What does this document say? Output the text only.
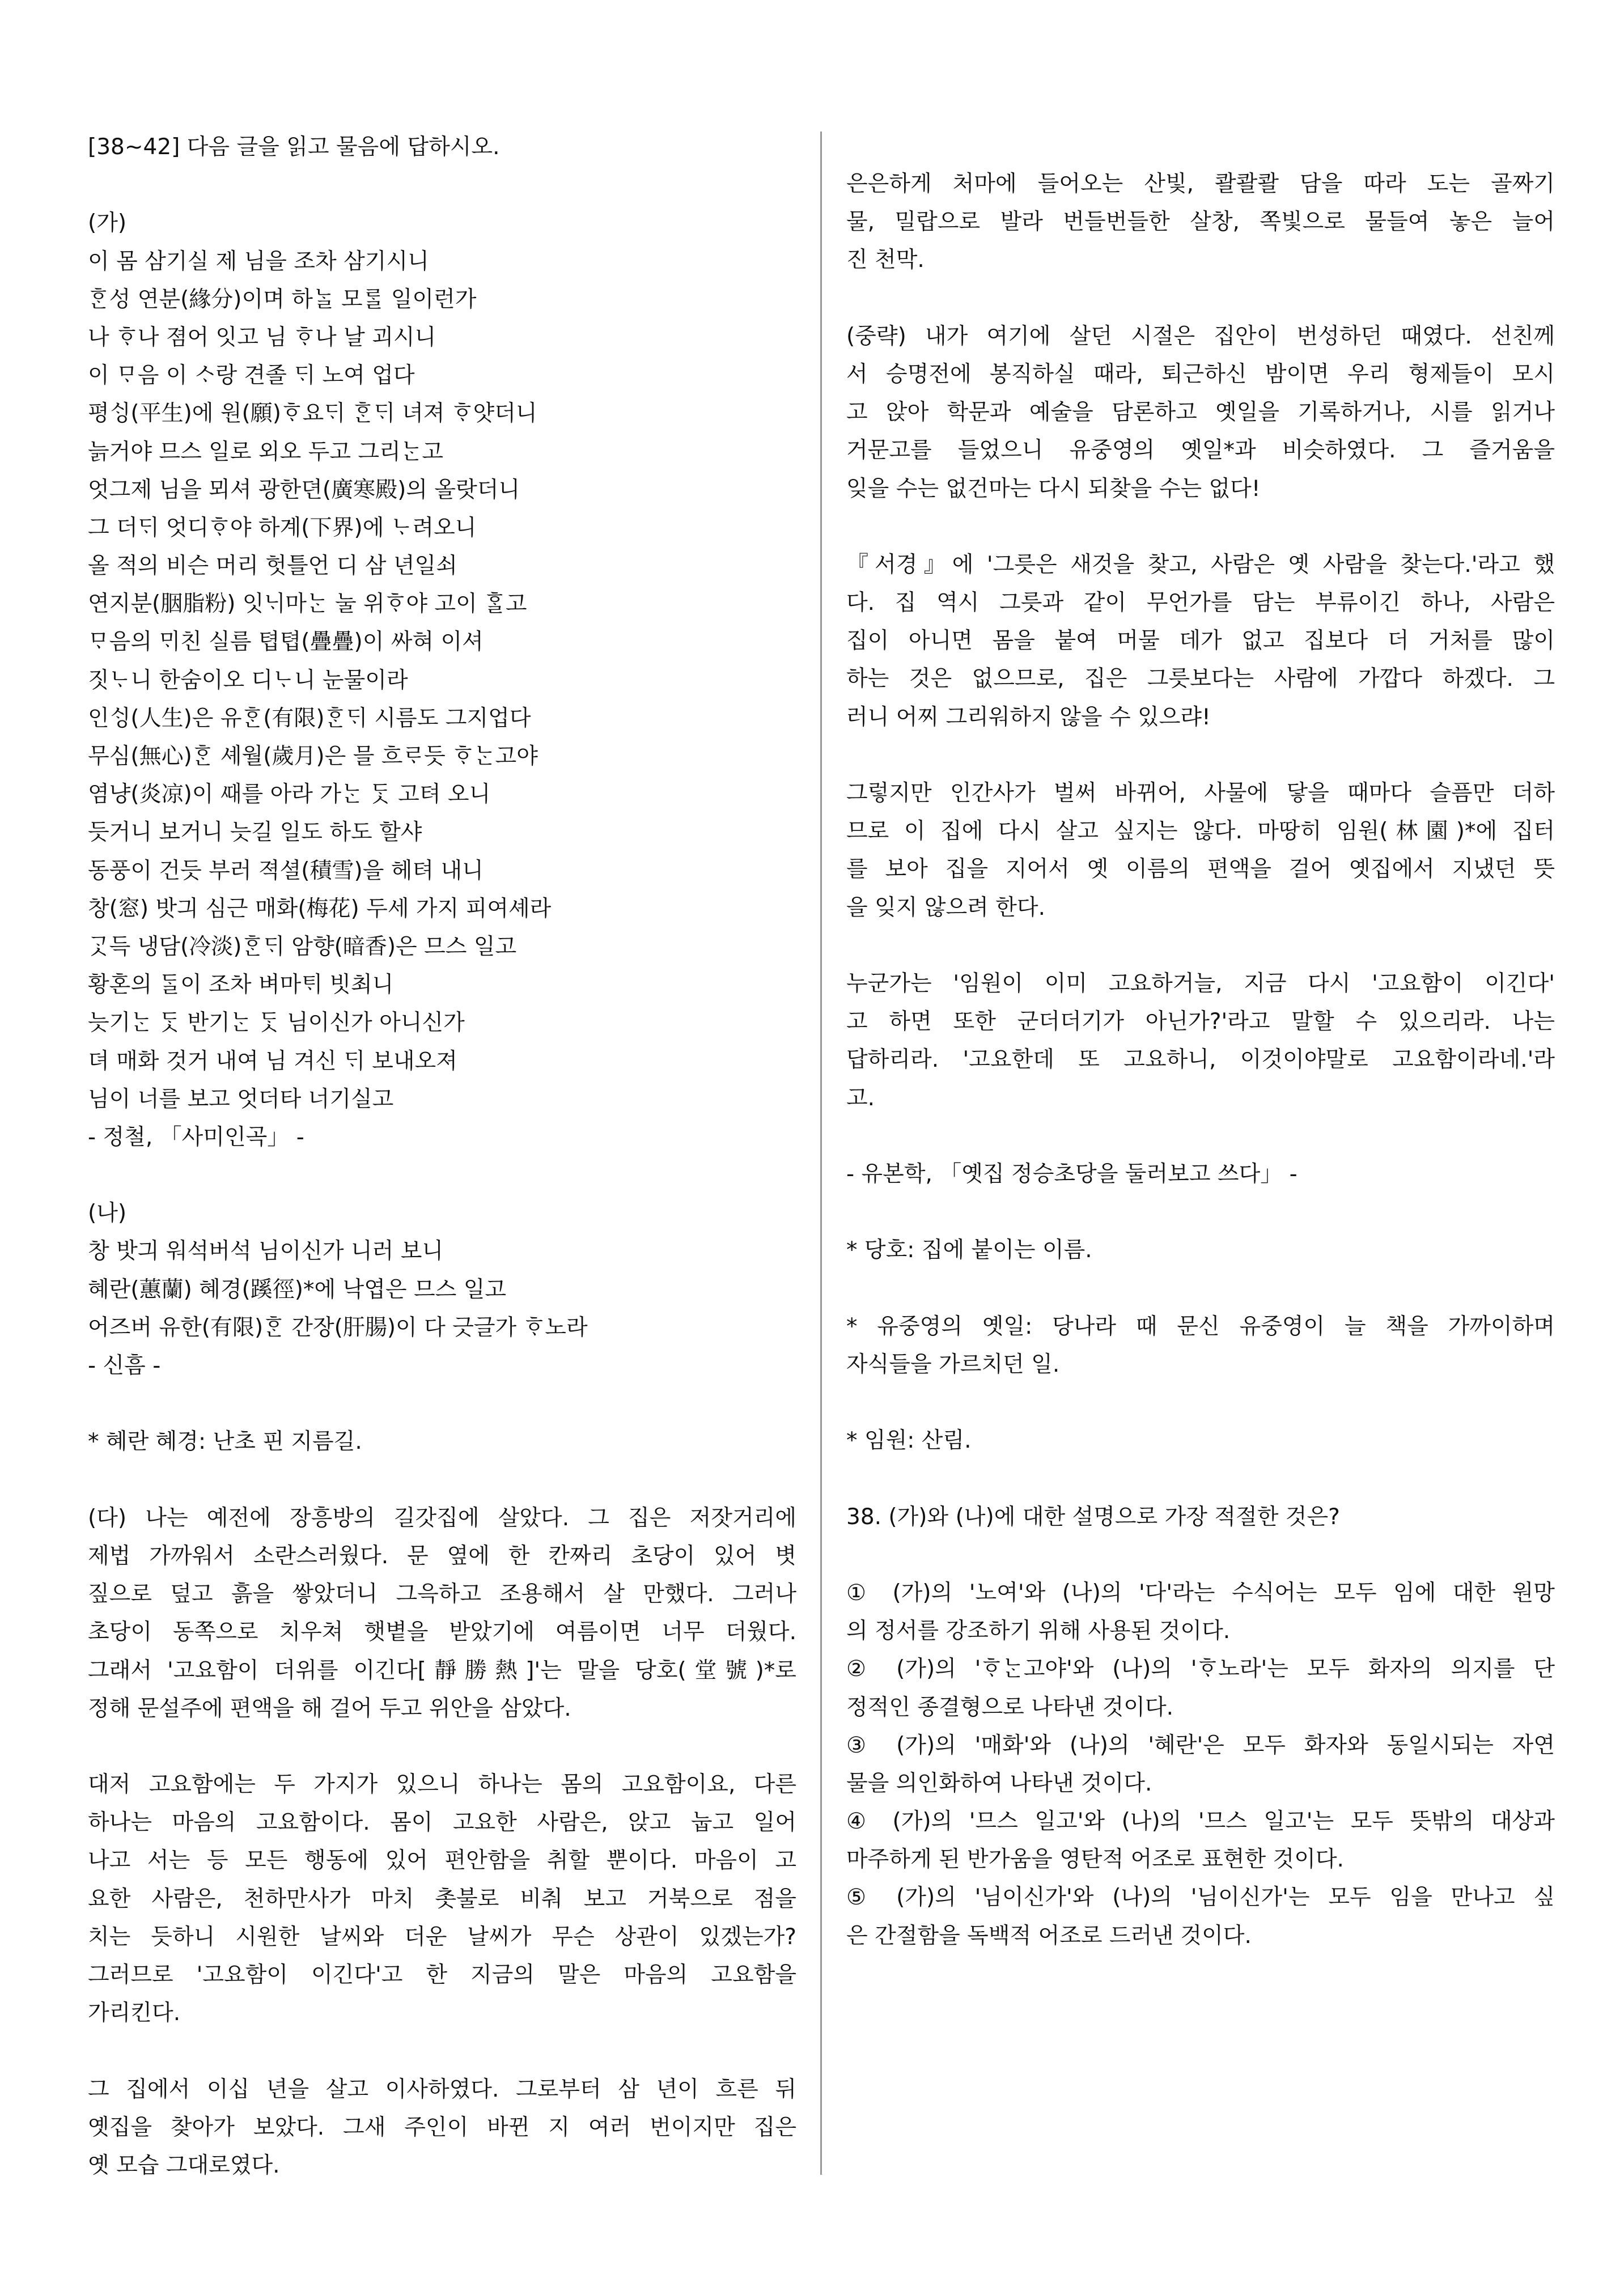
[38~42] 다음 글을 읽고 물음에 답하시오.
(가)
이 몸 삼기실 제 님을 조차 삼기시니
ᄒᆞᆫ성 연분(緣分)이며 하ᄂᆞᆯ 모ᄅᆞᆯ 일이런가
나 ᄒᆞ나 졈어 잇고 님 ᄒᆞ나 날 괴시니
이 ᄆᆞ음 이 ᄉᆞ랑 견졸 ᄃᆡ 노여 업다
평ᄉᆡᆼ(平生)에 원(願)ᄒᆞ요ᄃᆡ ᄒᆞᆫᄃᆡ 녀져 ᄒᆞ얏더니
늙거야 므스 일로 외오 두고 그리ᄂᆞᆫ고
엇그제 님을 뫼셔 광한뎐(廣寒殿)의 올랏더니
그 더ᄃᆡ 엇디ᄒᆞ야 하계(下界)에 ᄂᆞ려오니
올 적의 비슨 머리 헛틀언 디 삼 년일쇠
연지분(胭脂粉) 잇ᄂᆡ마ᄂᆞᆫ 눌 위ᄒᆞ야 고이 ᄒᆞᆯ고
ᄆᆞ음의 ᄆᆡ친 실름 텹텹(疊疊)이 싸혀 이셔
짓ᄂᆞ니 한숨이오 디ᄂᆞ니 눈물이라
인ᄉᆡᆼ(人生)은 유ᄒᆞᆫ(有限)ᄒᆞᆫᄃᆡ 시름도 그지업다
무심(無心)ᄒᆞᆫ 셰월(歲月)은 믈 흐ᄅᆞ듯 ᄒᆞᄂᆞᆫ고야
염냥(炎凉)이 ᄯᅢ를 아라 가ᄂᆞᆫ ᄃᆞᆺ 고텨 오니
듯거니 보거니 늣길 일도 하도 할샤
동풍이 건듯 부러 젹셜(積雪)을 헤텨 내니
창(窓) 밧긔 심근 매화(梅花) 두세 가지 피여셰라
ᄀᆞᆺ득 냉담(冷淡)ᄒᆞᆫᄃᆡ 암향(暗香)은 므스 일고
황혼의 ᄃᆞᆯ이 조차 벼마ᄐᆡ 빗최니
늣기ᄂᆞᆫ ᄃᆞᆺ 반기ᄂᆞᆫ ᄃᆞᆺ 님이신가 아니신가
뎌 매화 것거 내여 님 겨신 ᄃᆡ 보내오져
님이 너를 보고 엇더타 너기실고
- 정철, 「사미인곡」 -
(나)
창 밧긔 워석버석 님이신가 니러 보니
혜란(蕙蘭) 혜경(蹊徑)*에 낙엽은 므스 일고
어즈버 유한(有限)ᄒᆞᆫ 간장(肝腸)이 다 긋글가 ᄒᆞ노라
- 신흠 -
* 혜란 혜경: 난초 핀 지름길.
(다) 나는 예전에 장흥방의 길갓집에 살았다. 그 집은 저잣거리에
제법 가까워서 소란스러웠다. 문 옆에 한 칸짜리 초당이 있어 볏
짚으로 덮고 흙을 쌓았더니 그윽하고 조용해서 살 만했다. 그러나
초당이 동쪽으로 치우쳐 햇볕을 받았기에 여름이면 너무 더웠다.
그래서 '고요함이 더위를 이긴다[靜勝熱]'는 말을 당호(堂號)*로
정해 문설주에 편액을 해 걸어 두고 위안을 삼았다.
대저 고요함에는 두 가지가 있으니 하나는 몸의 고요함이요, 다른
하나는 마음의 고요함이다. 몸이 고요한 사람은, 앉고 눕고 일어
나고 서는 등 모든 행동에 있어 편안함을 취할 뿐이다. 마음이 고
요한 사람은, 천하만사가 마치 촛불로 비춰 보고 거북으로 점을
치는 듯하니 시원한 날씨와 더운 날씨가 무슨 상관이 있겠는가?
그러므로 '고요함이 이긴다'고 한 지금의 말은 마음의 고요함을
가리킨다.
그 집에서 이십 년을 살고 이사하였다. 그로부터 삼 년이 흐른 뒤
옛집을 찾아가 보았다. 그새 주인이 바뀐 지 여러 번이지만 집은
옛 모습 그대로였다.
은은하게 처마에 들어오는 산빛, 콸콸콸 담을 따라 도는 골짜기
물, 밀랍으로 발라 번들번들한 살창, 쪽빛으로 물들여 놓은 늘어
진 천막.
(중략) 내가 여기에 살던 시절은 집안이 번성하던 때였다. 선친께
서 승명전에 봉직하실 때라, 퇴근하신 밤이면 우리 형제들이 모시
고 앉아 학문과 예술을 담론하고 옛일을 기록하거나, 시를 읽거나
거문고를 들었으니 유중영의 옛일*과 비슷하였다. 그 즐거움을
잊을 수는 없건마는 다시 되찾을 수는 없다!
『서경』에 '그릇은 새것을 찾고, 사람은 옛 사람을 찾는다.'라고 했
다. 집 역시 그릇과 같이 무언가를 담는 부류이긴 하나, 사람은
집이 아니면 몸을 붙여 머물 데가 없고 집보다 더 거처를 많이
하는 것은 없으므로, 집은 그릇보다는 사람에 가깝다 하겠다. 그
러니 어찌 그리워하지 않을 수 있으랴!
그렇지만 인간사가 벌써 바뀌어, 사물에 닿을 때마다 슬픔만 더하
므로 이 집에 다시 살고 싶지는 않다. 마땅히 임원(林園)*에 집터
를 보아 집을 지어서 옛 이름의 편액을 걸어 옛집에서 지냈던 뜻
을 잊지 않으려 한다.
누군가는 '임원이 이미 고요하거늘, 지금 다시 '고요함이 이긴다'
고 하면 또한 군더더기가 아닌가?'라고 말할 수 있으리라. 나는
답하리라. '고요한데 또 고요하니, 이것이야말로 고요함이라네.'라
고.
- 유본학, 「옛집 정승초당을 둘러보고 쓰다」 -
* 당호: 집에 붙이는 이름.
* 유중영의 옛일: 당나라 때 문신 유중영이 늘 책을 가까이하며
자식들을 가르치던 일.
* 임원: 산림.
38. (가)와 (나)에 대한 설명으로 가장 적절한 것은?
① (가)의 '노여'와 (나)의 '다'라는 수식어는 모두 임에 대한 원망
의 정서를 강조하기 위해 사용된 것이다.
② (가)의 'ᄒᆞᄂᆞᆫ고야'와 (나)의 'ᄒᆞ노라'는 모두 화자의 의지를 단
정적인 종결형으로 나타낸 것이다.
③ (가)의 '매화'와 (나)의 '혜란'은 모두 화자와 동일시되는 자연
물을 의인화하여 나타낸 것이다.
④ (가)의 '므스 일고'와 (나)의 '므스 일고'는 모두 뜻밖의 대상과
마주하게 된 반가움을 영탄적 어조로 표현한 것이다.
⑤ (가)의 '님이신가'와 (나)의 '님이신가'는 모두 임을 만나고 싶
은 간절함을 독백적 어조로 드러낸 것이다.
